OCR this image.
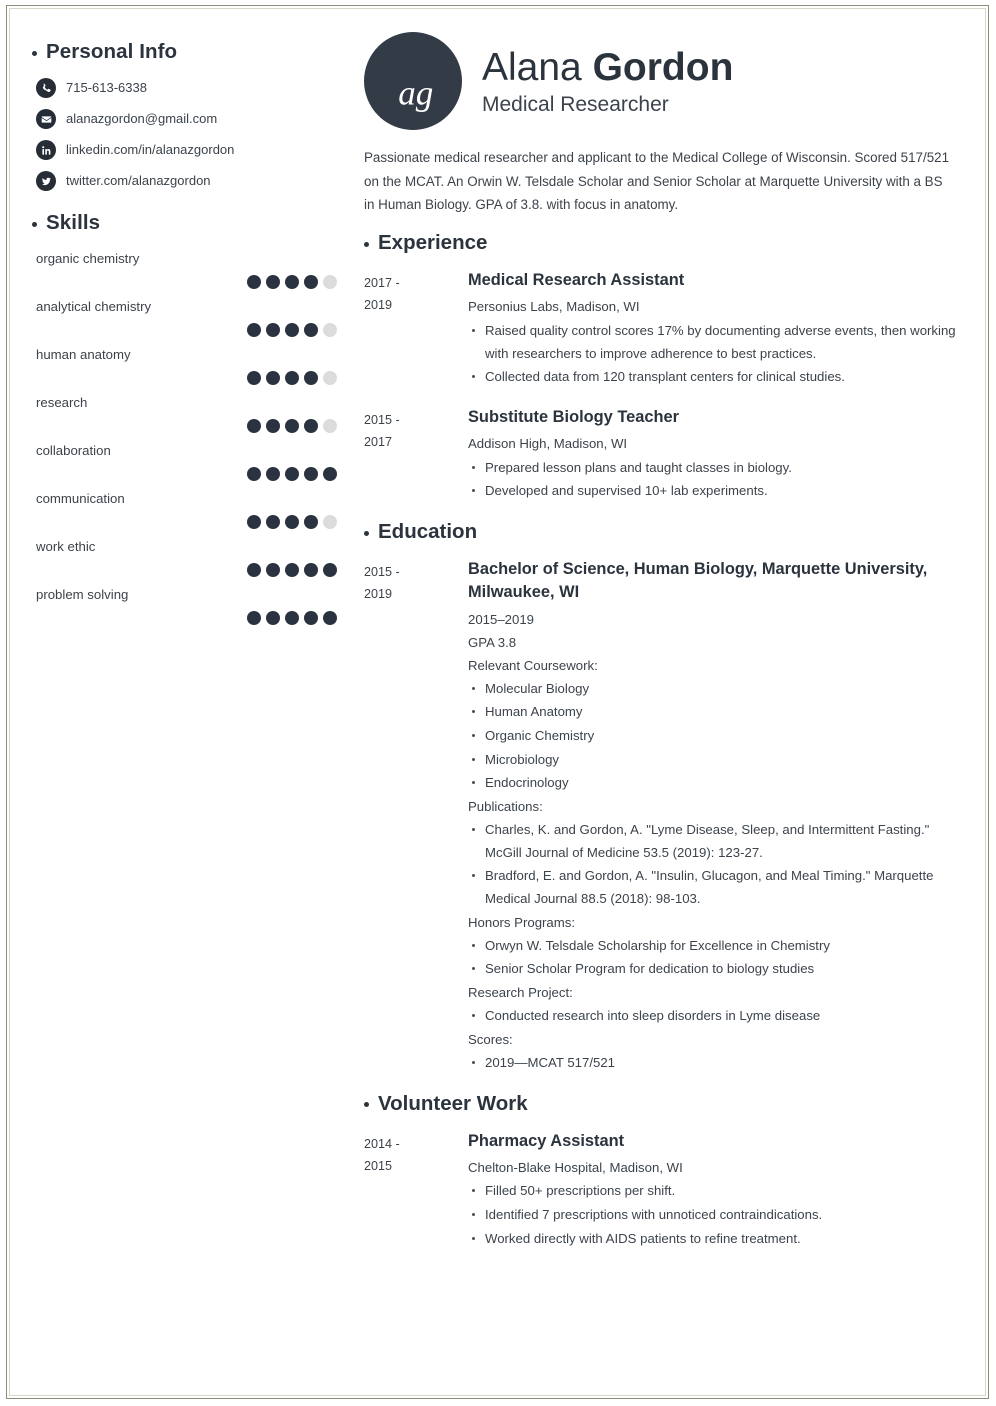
Personal Info
715-613-6338
alanazgordon@gmail.com
linkedin.com/in/alanazgordon
twitter.com/alanazgordon
Skills
organic chemistry
analytical chemistry
human anatomy
research
collaboration
communication
work ethic
problem solving
ag
Alana Gordon
Medical Researcher
Passionate medical researcher and applicant to the Medical College of Wisconsin. Scored 517/521 on the MCAT. An Orwin W. Telsdale Scholar and Senior Scholar at Marquette University with a BS in Human Biology. GPA of 3.8. with focus in anatomy.
Experience
2017 -
2019
Medical Research Assistant
Personius Labs, Madison, WI
Raised quality control scores 17% by documenting adverse events, then working with researchers to improve adherence to best practices.
Collected data from 120 transplant centers for clinical studies.
2015 -
2017
Substitute Biology Teacher
Addison High, Madison, WI
Prepared lesson plans and taught classes in biology.
Developed and supervised 10+ lab experiments.
Education
2015 -
2019
Bachelor of Science, Human Biology, Marquette University, Milwaukee, WI
2015–2019
GPA 3.8
Relevant Coursework:
Molecular Biology
Human Anatomy
Organic Chemistry
Microbiology
Endocrinology
Publications:
Charles, K. and Gordon, A. "Lyme Disease, Sleep, and Intermittent Fasting." McGill Journal of Medicine 53.5 (2019): 123-27.
Bradford, E. and Gordon, A. "Insulin, Glucagon, and Meal Timing." Marquette Medical Journal 88.5 (2018): 98-103.
Honors Programs:
Orwyn W. Telsdale Scholarship for Excellence in Chemistry
Senior Scholar Program for dedication to biology studies
Research Project:
Conducted research into sleep disorders in Lyme disease
Scores:
2019—MCAT 517/521
Volunteer Work
2014 -
2015
Pharmacy Assistant
Chelton-Blake Hospital, Madison, WI
Filled 50+ prescriptions per shift.
Identified 7 prescriptions with unnoticed contraindications.
Worked directly with AIDS patients to refine treatment.
